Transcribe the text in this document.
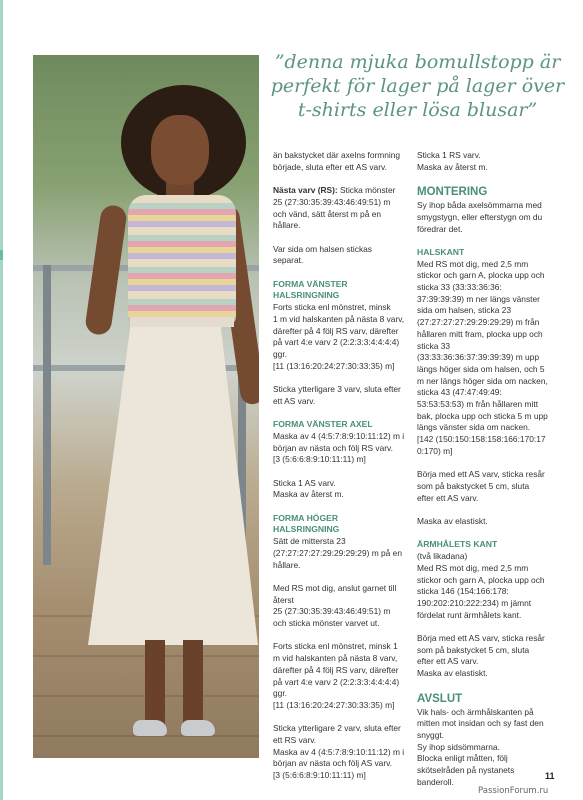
”denna mjuka bomullstopp är
perfekt för lager på lager över
t-shirts eller lösa blusar”

än bakstycket där axelns formning
började, sluta efter ett AS varv.

Nästa varv (RS): Sticka mönster
25 (27:30:35:39:43:46:49:51) m
och vänd, sätt återst m på en
hållare.

Var sida om halsen stickas
separat.

FORMA VÄNSTER
HALSRINGNING

Forts sticka enl mönstret, minsk
1 m vid halskanten på nästa 8 varv,
därefter på 4 följ RS varv, därefter
på vart 4:e varv 2 (2:2:3:3:4:4:4:4)
ggr.
[11 (13:16:20:24:27:30:33:35) m]

Sticka ytterligare 3 varv, sluta efter
ett AS varv.

FORMA VÄNSTER AXEL

Maska av 4 (4:5:7:8:9:10:11:12) m i
början av nästa och följ RS varv.
[3 (5:6:6:8:9:10:11:11) m]

Sticka 1 AS varv.
Maska av återst m.

FORMA HÖGER
HALSRINGNING

Sätt de mittersta 23
(27:27:27:27:29:29:29:29) m på en
hållare.

Med RS mot dig, anslut garnet till
återst
25 (27:30:35:39:43:46:49:51) m
och sticka mönster varvet ut.

Forts sticka enl mönstret, minsk 1
m vid halskanten på nästa 8 varv,
därefter på 4 följ RS varv, därefter
på vart 4:e varv 2 (2:2:3:3:4:4:4:4)
ggr.
[11 (13:16:20:24:27:30:33:35) m]

Sticka ytterligare 2 varv, sluta efter
ett RS varv.
Maska av 4 (4:5:7:8:9:10:11:12) m i
början av nästa och följ AS varv.
[3 (5:6:6:8:9:10:11:11) m]

Sticka 1 RS varv.
Maska av återst m.

MONTERING

Sy ihop båda axelsömmarna med
smygstygn, eller efterstygn om du
föredrar det.

HALSKANT

Med RS mot dig, med 2,5 mm
stickor och garn A, plocka upp och
sticka 33 (33:33:36:36:
37:39:39:39) m ner längs vänster
sida om halsen, sticka 23
(27:27:27:27:29:29:29:29) m från
hållaren mitt fram, plocka upp och
sticka 33
(33:33:36:36:37:39:39:39) m upp
längs höger sida om halsen, och 5
m ner längs höger sida om nacken,
sticka 43 (47:47:49:49:
53:53:53:53) m från hållaren mitt
bak, plocka upp och sticka 5 m upp
längs vänster sida om nacken.
[142 (150:150:158:158:166:170:17
0:170) m]

Börja med ett AS varv, sticka resår
som på bakstycket 5 cm, sluta
efter ett AS varv.

Maska av elastiskt.

ÄRMHÅLETS KANT

(två likadana)
Med RS mot dig, med 2,5 mm
stickor och garn A, plocka upp och
sticka 146 (154:166:178:
190:202:210:222:234) m jämnt
fördelat runt ärmhålets kant.

Börja med ett AS varv, sticka resår
som på bakstycket 5 cm, sluta
efter ett AS varv.
Maska av elastiskt.

AVSLUT

Vik hals- och ärmhålskanten på
mitten mot insidan och sy fast den
snyggt.
Sy ihop sidsömmarna.
Blocka enligt måtten, följ
skötselråden på nystanets
banderoll.

11
PassionForum.ru
